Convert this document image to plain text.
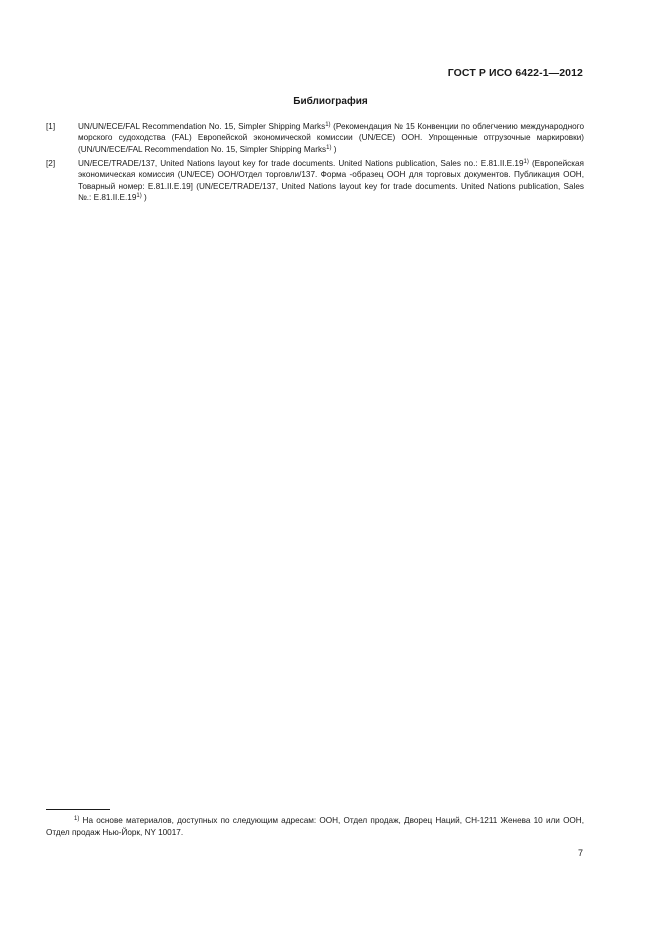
ГОСТ Р ИСО 6422-1—2012
Библиография
[1]	UN/UN/ECE/FAL Recommendation No. 15, Simpler Shipping Marks$^{1)}$ (Рекомендация № 15 Конвенции по облегчению международного морского судоходства (FAL) Европейской экономической комиссии (UN/ECE) ООН. Упрощенные отгрузочные маркировки) (UN/UN/ECE/FAL Recommendation No. 15, Simpler Shipping Marks$^{1)}$ )
[2]	UN/ECE/TRADE/137, United Nations layout key for trade documents. United Nations publication, Sales no.: E.81.II.E.19$^{1)}$ (Европейская экономическая комиссия (UN/ECE) ООН/Отдел торговли/137. Форма -образец ООН для торговых документов. Публикация ООН, Товарный номер: E.81.II.E.19] (UN/ECE/TRADE/137, United Nations layout key for trade documents. United Nations publication, Sales №.: E.81.II.E.19$^{1)}$ )
$^{1)}$ На основе материалов, доступных по следующим адресам: ООН, Отдел продаж, Дворец Наций, CH-1211 Женева 10 или ООН, Отдел продаж Нью-Йорк, NY 10017.
7
